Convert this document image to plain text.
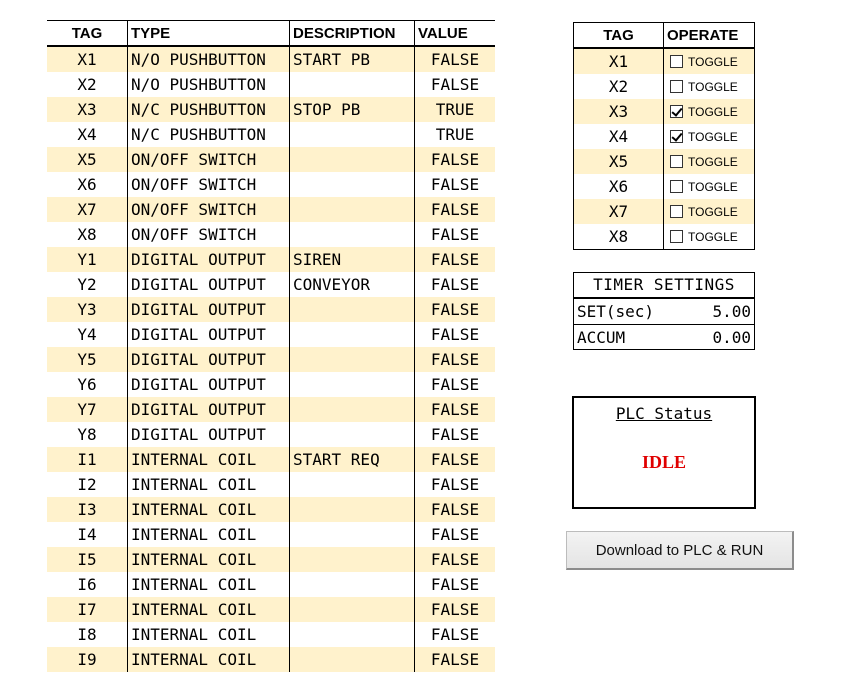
TAG	TYPE	DESCRIPTION	VALUE
X1	N/O PUSHBUTTON	START PB	FALSE
X2	N/O PUSHBUTTON		FALSE
X3	N/C PUSHBUTTON	STOP PB	TRUE
X4	N/C PUSHBUTTON		TRUE
X5	ON/OFF SWITCH		FALSE
X6	ON/OFF SWITCH		FALSE
X7	ON/OFF SWITCH		FALSE
X8	ON/OFF SWITCH		FALSE
Y1	DIGITAL OUTPUT	SIREN	FALSE
Y2	DIGITAL OUTPUT	CONVEYOR	FALSE
Y3	DIGITAL OUTPUT		FALSE
Y4	DIGITAL OUTPUT		FALSE
Y5	DIGITAL OUTPUT		FALSE
Y6	DIGITAL OUTPUT		FALSE
Y7	DIGITAL OUTPUT		FALSE
Y8	DIGITAL OUTPUT		FALSE
I1	INTERNAL COIL	START REQ	FALSE
I2	INTERNAL COIL		FALSE
I3	INTERNAL COIL		FALSE
I4	INTERNAL COIL		FALSE
I5	INTERNAL COIL		FALSE
I6	INTERNAL COIL		FALSE
I7	INTERNAL COIL		FALSE
I8	INTERNAL COIL		FALSE
I9	INTERNAL COIL		FALSE
TAG	OPERATE
X1	TOGGLE

X2	TOGGLE

X3	TOGGLE

X4	TOGGLE

X5	TOGGLE

X6	TOGGLE

X7	TOGGLE

X8	TOGGLE
TIMER SETTINGS
SET(sec)	5.00
ACCUM	0.00
PLC Status
IDLE
Download to PLC & RUN
